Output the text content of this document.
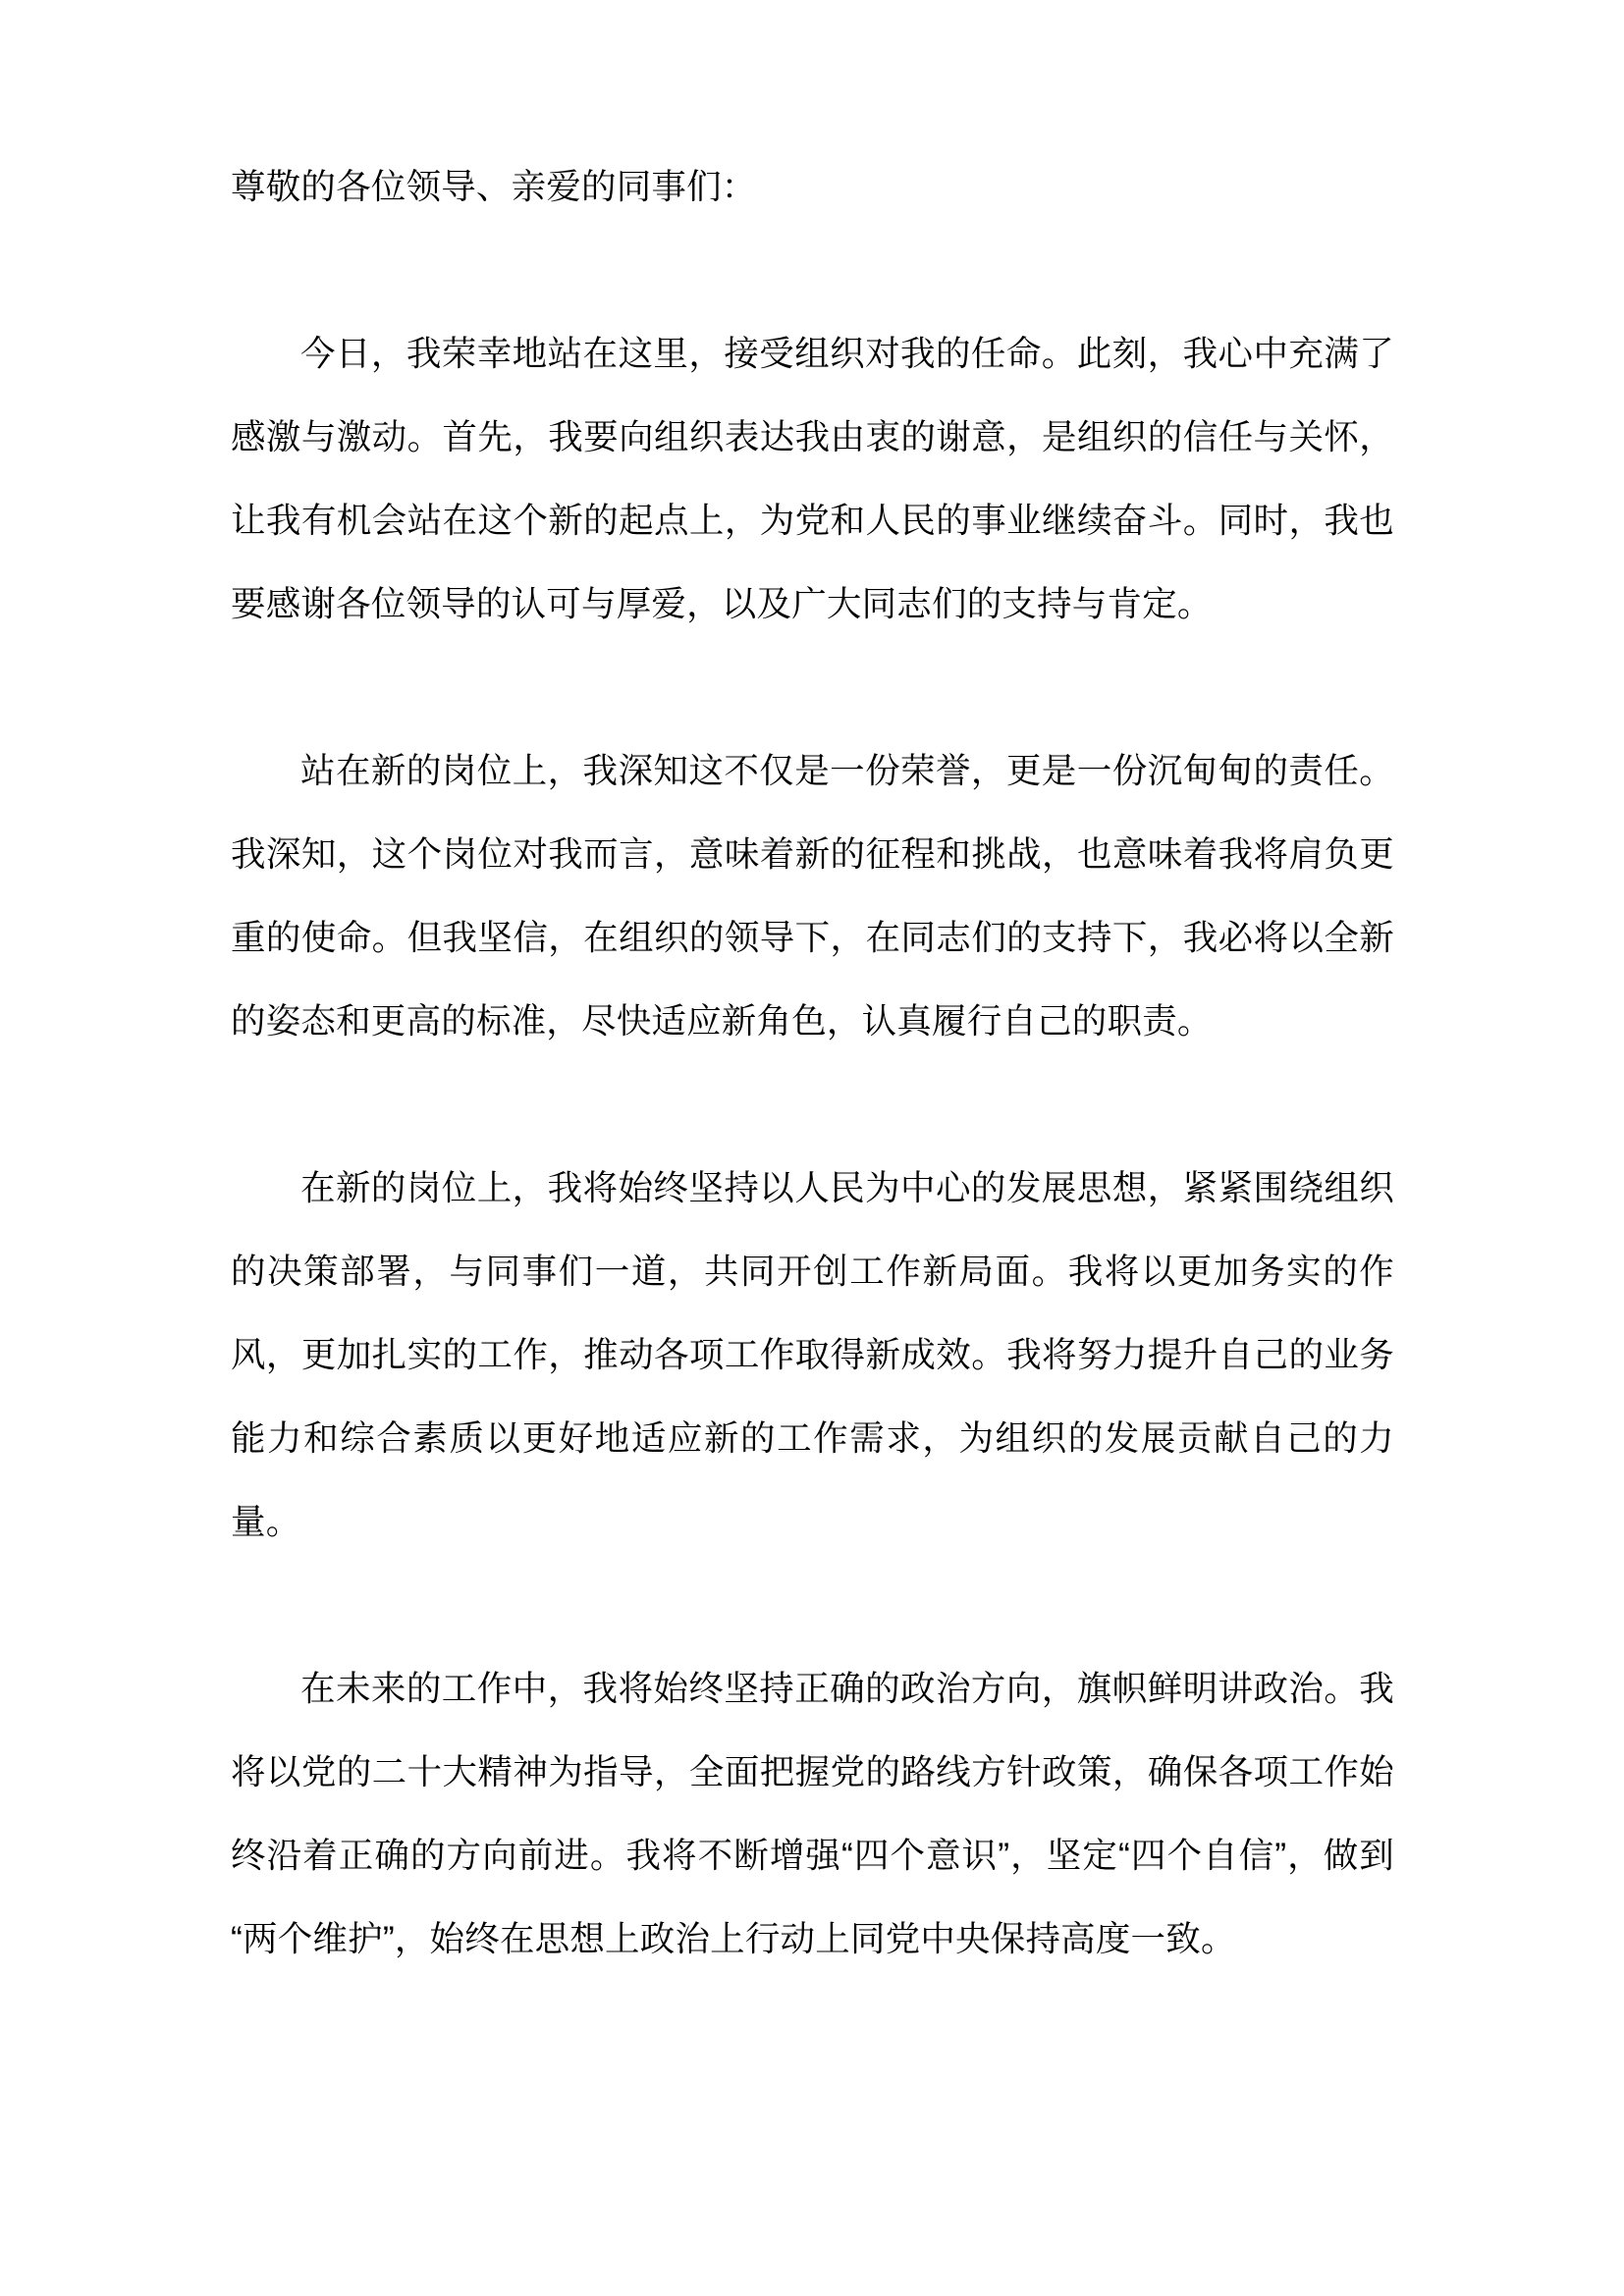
尊敬的各位领导、亲爱的同事们：

今日，我荣幸地站在这里，接受组织对我的任命。此刻，我心中充满了感激与激动。首先，我要向组织表达我由衷的谢意，是组织的信任与关怀，让我有机会站在这个新的起点上，为党和人民的事业继续奋斗。同时，我也要感谢各位领导的认可与厚爱，以及广大同志们的支持与肯定。

站在新的岗位上，我深知这不仅是一份荣誉，更是一份沉甸甸的责任。我深知，这个岗位对我而言，意味着新的征程和挑战，也意味着我将肩负更重的使命。但我坚信，在组织的领导下，在同志们的支持下，我必将以全新的姿态和更高的标准，尽快适应新角色，认真履行自己的职责。

在新的岗位上，我将始终坚持以人民为中心的发展思想，紧紧围绕组织的决策部署，与同事们一道，共同开创工作新局面。我将以更加务实的作风，更加扎实的工作，推动各项工作取得新成效。我将努力提升自己的业务能力和综合素质以更好地适应新的工作需求，为组织的发展贡献自己的力量。

在未来的工作中，我将始终坚持正确的政治方向，旗帜鲜明讲政治。我将以党的二十大精神为指导，全面把握党的路线方针政策，确保各项工作始终沿着正确的方向前进。我将不断增强“四个意识”，坚定“四个自信”，做到“两个维护”，始终在思想上政治上行动上同党中央保持高度一致。
